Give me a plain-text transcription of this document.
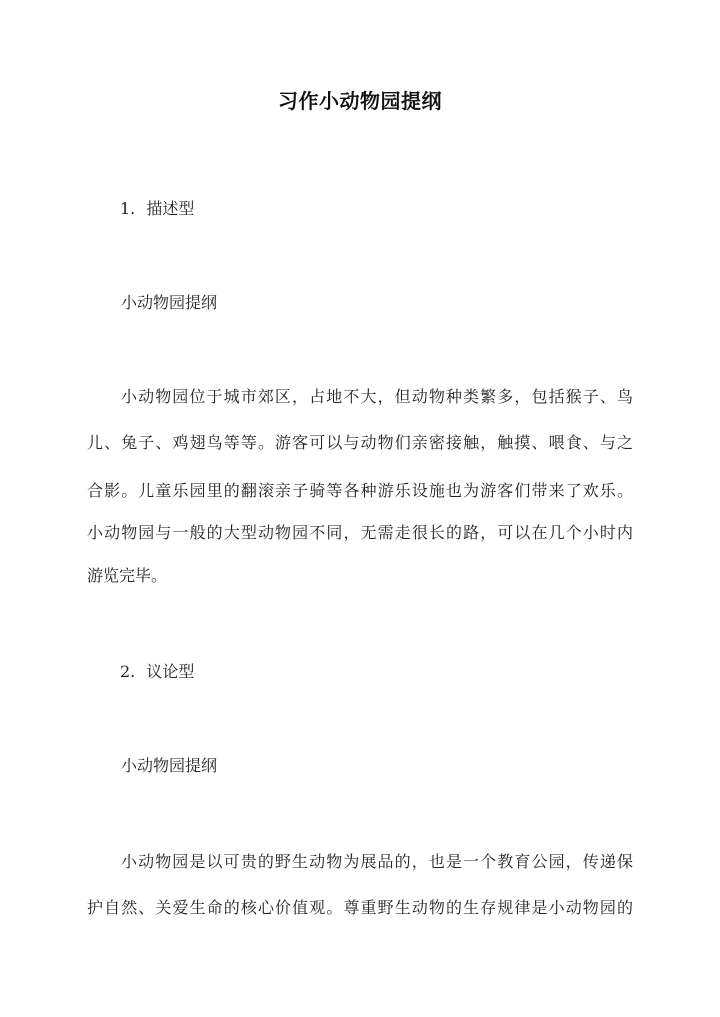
习作小动物园提纲
1. 描述型
小动物园提纲
小动物园位于城市郊区，占地不大，但动物种类繁多，包括猴子、鸟
儿、兔子、鸡翅鸟等等。游客可以与动物们亲密接触，触摸、喂食、与之
合影。儿童乐园里的翻滚亲子骑等各种游乐设施也为游客们带来了欢乐。
小动物园与一般的大型动物园不同，无需走很长的路，可以在几个小时内
游览完毕。
2. 议论型
小动物园提纲
小动物园是以可贵的野生动物为展品的，也是一个教育公园，传递保
护自然、关爱生命的核心价值观。尊重野生动物的生存规律是小动物园的
